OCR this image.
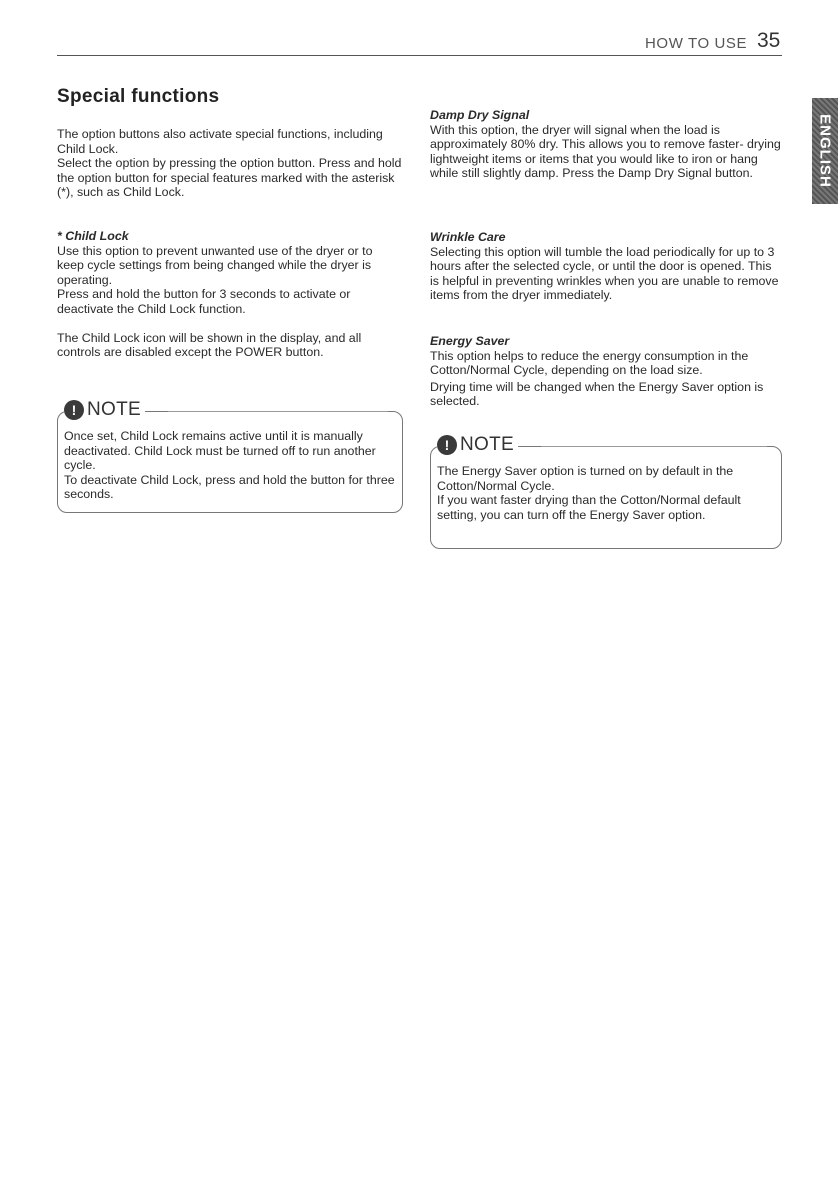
HOW TO USE 35
ENGLISH
Special functions

The option buttons also activate special functions, including Child Lock.

Select the option by pressing the option button. Press and hold the option button for special features marked with the asterisk (*), such as Child Lock.

* Child Lock

Use this option to prevent unwanted use of the dryer or to keep cycle settings from being changed while the dryer is operating.

Press and hold the button for 3 seconds to activate or deactivate the Child Lock function.

The Child Lock icon will be shown in the display, and all controls are disabled except the POWER button.

! NOTE

Once set, Child Lock remains active until it is manually deactivated. Child Lock must be turned off to run another cycle.

To deactivate Child Lock, press and hold the button for three seconds.

Damp Dry Signal

With this option, the dryer will signal when the load is approximately 80% dry. This allows you to remove faster- drying lightweight items or items that you would like to iron or hang while still slightly damp. Press the Damp Dry Signal button.

Wrinkle Care

Selecting this option will tumble the load periodically for up to 3 hours after the selected cycle, or until the door is opened. This is helpful in preventing wrinkles when you are unable to remove items from the dryer immediately.

Energy Saver

This option helps to reduce the energy consumption in the Cotton/Normal Cycle, depending on the load size.

Drying time will be changed when the Energy Saver option is selected.

! NOTE

The Energy Saver option is turned on by default in the Cotton/Normal Cycle.

If you want faster drying than the Cotton/Normal default setting, you can turn off the Energy Saver option.
